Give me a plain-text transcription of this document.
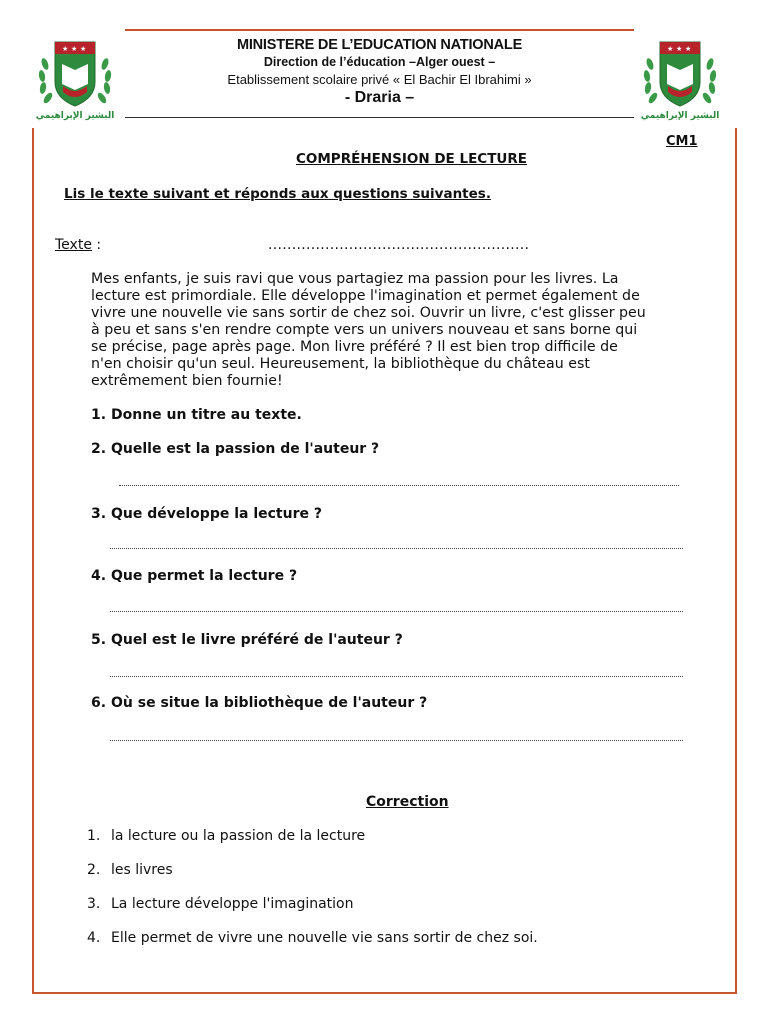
★ ★ ★
البشير الإبراهيمي
★ ★ ★
البشير الإبراهيمي
MINISTERE DE L’EDUCATION NATIONALE
Direction de l’éducation –Alger ouest –
Etablissement scolaire privé « El Bachir El Ibrahimi »
- Draria –
CM1
COMPRÉHENSION DE LECTURE
Lis le texte suivant et réponds aux questions suivantes.
Texte :	.......................................................
Mes enfants, je suis ravi que vous partagiez ma passion pour les livres. La
lecture est primordiale. Elle développe l'imagination et permet également de
vivre une nouvelle vie sans sortir de chez soi. Ouvrir un livre, c'est glisser peu
à peu et sans s'en rendre compte vers un univers nouveau et sans borne qui
se précise, page après page. Mon livre préféré ? Il est bien trop difficile de
n'en choisir qu'un seul. Heureusement, la bibliothèque du château est
extrêmement bien fournie!
1. Donne un titre au texte.
2. Quelle est la passion de l'auteur ?
3. Que développe la lecture ?
4. Que permet la lecture ?
5. Quel est le livre préféré de l'auteur ?
6. Où se situe la bibliothèque de l'auteur ?
Correction
1. la lecture ou la passion de la lecture
2. les livres
3. La lecture développe l'imagination
4. Elle permet de vivre une nouvelle vie sans sortir de chez soi.
